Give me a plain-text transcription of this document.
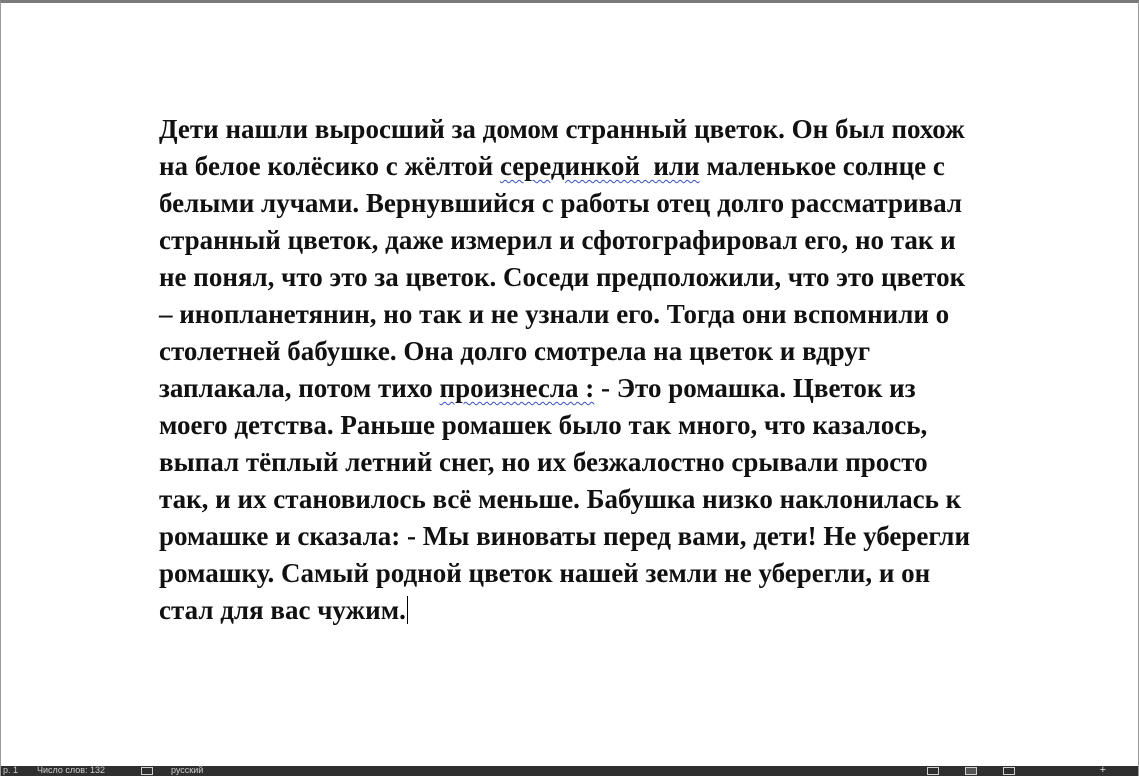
Дети нашли выросший за домом странный цветок. Он был похож
на белое колёсико с жёлтой серединкой  или маленькое солнце с
белыми лучами. Вернувшийся с работы отец долго рассматривал
странный цветок, даже измерил и сфотографировал его, но так и
не понял, что это за цветок. Соседи предположили, что это цветок
– инопланетянин, но так и не узнали его. Тогда они вспомнили о
столетней бабушке. Она долго смотрела на цветок и вдруг
заплакала, потом тихо произнесла : - Это ромашка. Цветок из
моего детства. Раньше ромашек было так много, что казалось,
выпал тёплый летний снег, но их безжалостно срывали просто
так, и их становилось всё меньше. Бабушка низко наклонилась к
ромашке и сказала: - Мы виноваты перед вами, дети! Не уберегли
ромашку. Самый родной цветок нашей земли не уберегли, и он
стал для вас чужим.
р. 1 Число слов: 132	русский	+
